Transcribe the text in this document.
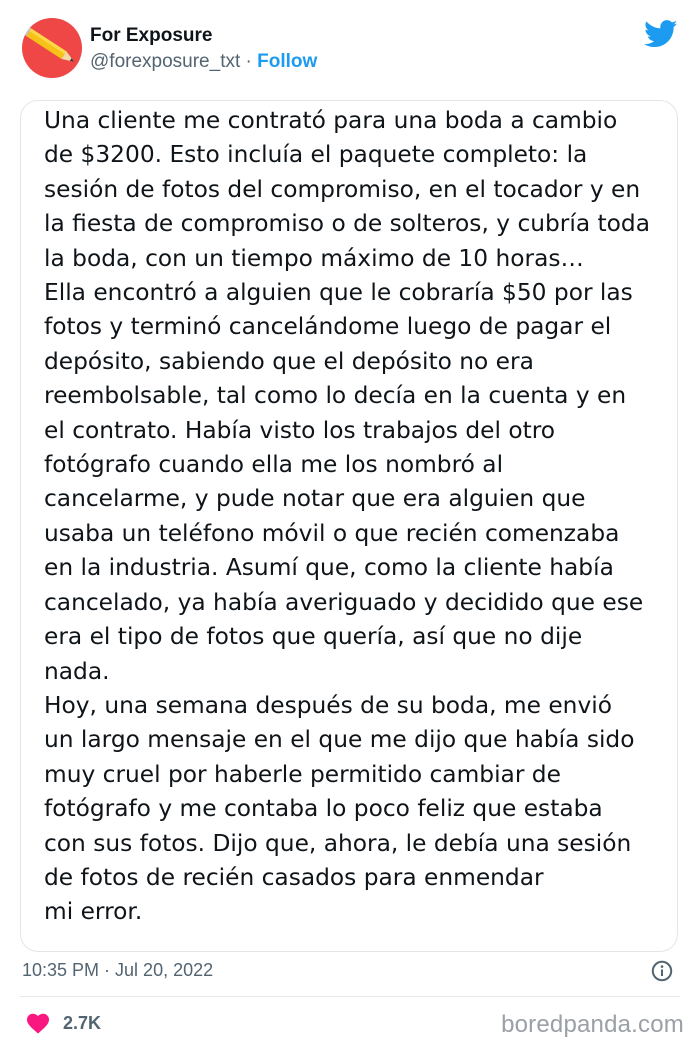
For Exposure
@forexposure_txt · Follow

Una cliente me contrató para una boda a cambio

de $3200. Esto incluía el paquete completo: la

sesión de fotos del compromiso, en el tocador y en

la fiesta de compromiso o de solteros, y cubría toda

la boda, con un tiempo máximo de 10 horas…

Ella encontró a alguien que le cobraría $50 por las

fotos y terminó cancelándome luego de pagar el

depósito, sabiendo que el depósito no era

reembolsable, tal como lo decía en la cuenta y en

el contrato. Había visto los trabajos del otro

fotógrafo cuando ella me los nombró al

cancelarme, y pude notar que era alguien que

usaba un teléfono móvil o que recién comenzaba

en la industria. Asumí que, como la cliente había

cancelado, ya había averiguado y decidido que ese

era el tipo de fotos que quería, así que no dije

nada.

Hoy, una semana después de su boda, me envió

un largo mensaje en el que me dijo que había sido

muy cruel por haberle permitido cambiar de

fotógrafo y me contaba lo poco feliz que estaba

con sus fotos. Dijo que, ahora, le debía una sesión

de fotos de recién casados para enmendar

mi error.

10:35 PM · Jul 20, 2022
2.7K	boredpanda.com
